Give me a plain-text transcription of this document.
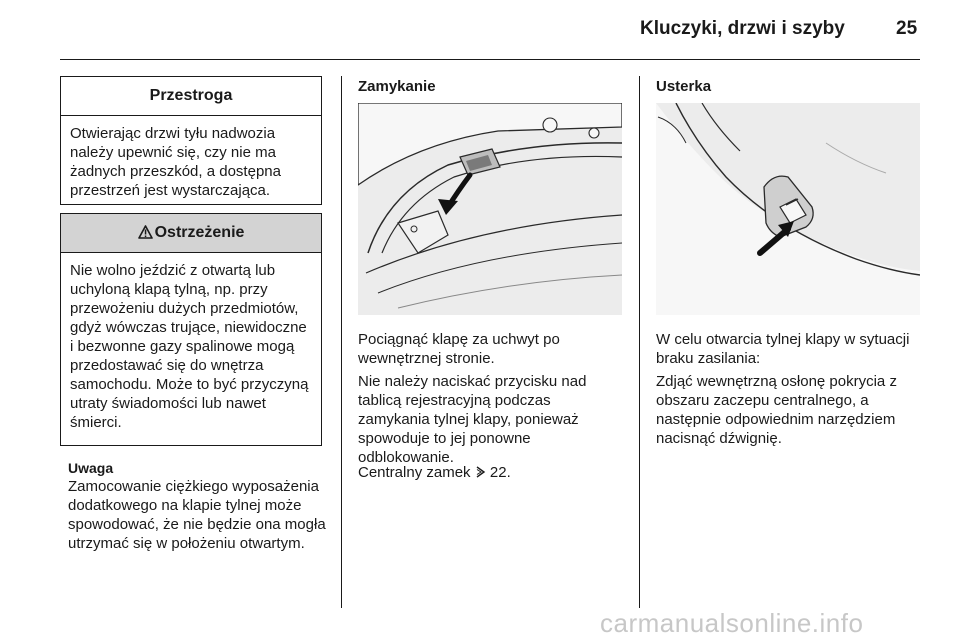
Kluczyki, drzwi i szyby	25
Przestroga
Otwierając drzwi tyłu nadwozia należy upewnić się, czy nie ma żadnych przeszkód, a dostępna przestrzeń jest wystarczająca.
Ostrzeżenie
Nie wolno jeździć z otwartą lub uchyloną klapą tylną, np. przy przewożeniu dużych przedmiotów, gdyż wówczas trujące, niewidoczne i bezwonne gazy spalinowe mogą przedostawać się do wnętrza samochodu. Może to być przyczyną utraty świadomości lub nawet śmierci.
Uwaga
Zamocowanie ciężkiego wyposażenia dodatkowego na klapie tylnej może spowodować, że nie będzie ona mogła utrzymać się w położeniu otwartym.
Zamykanie
Pociągnąć klapę za uchwyt po wewnętrznej stronie.
Nie należy naciskać przycisku nad tablicą rejestracyjną podczas zamykania tylnej klapy, ponieważ spowoduje to jej ponowne odblokowanie.
Centralny zamek 22.
Usterka
W celu otwarcia tylnej klapy w sytuacji braku zasilania:
Zdjąć wewnętrzną osłonę pokrycia z obszaru zaczepu centralnego, a następnie odpowiednim narzędziem nacisnąć dźwignię.
carmanualsonline.info
